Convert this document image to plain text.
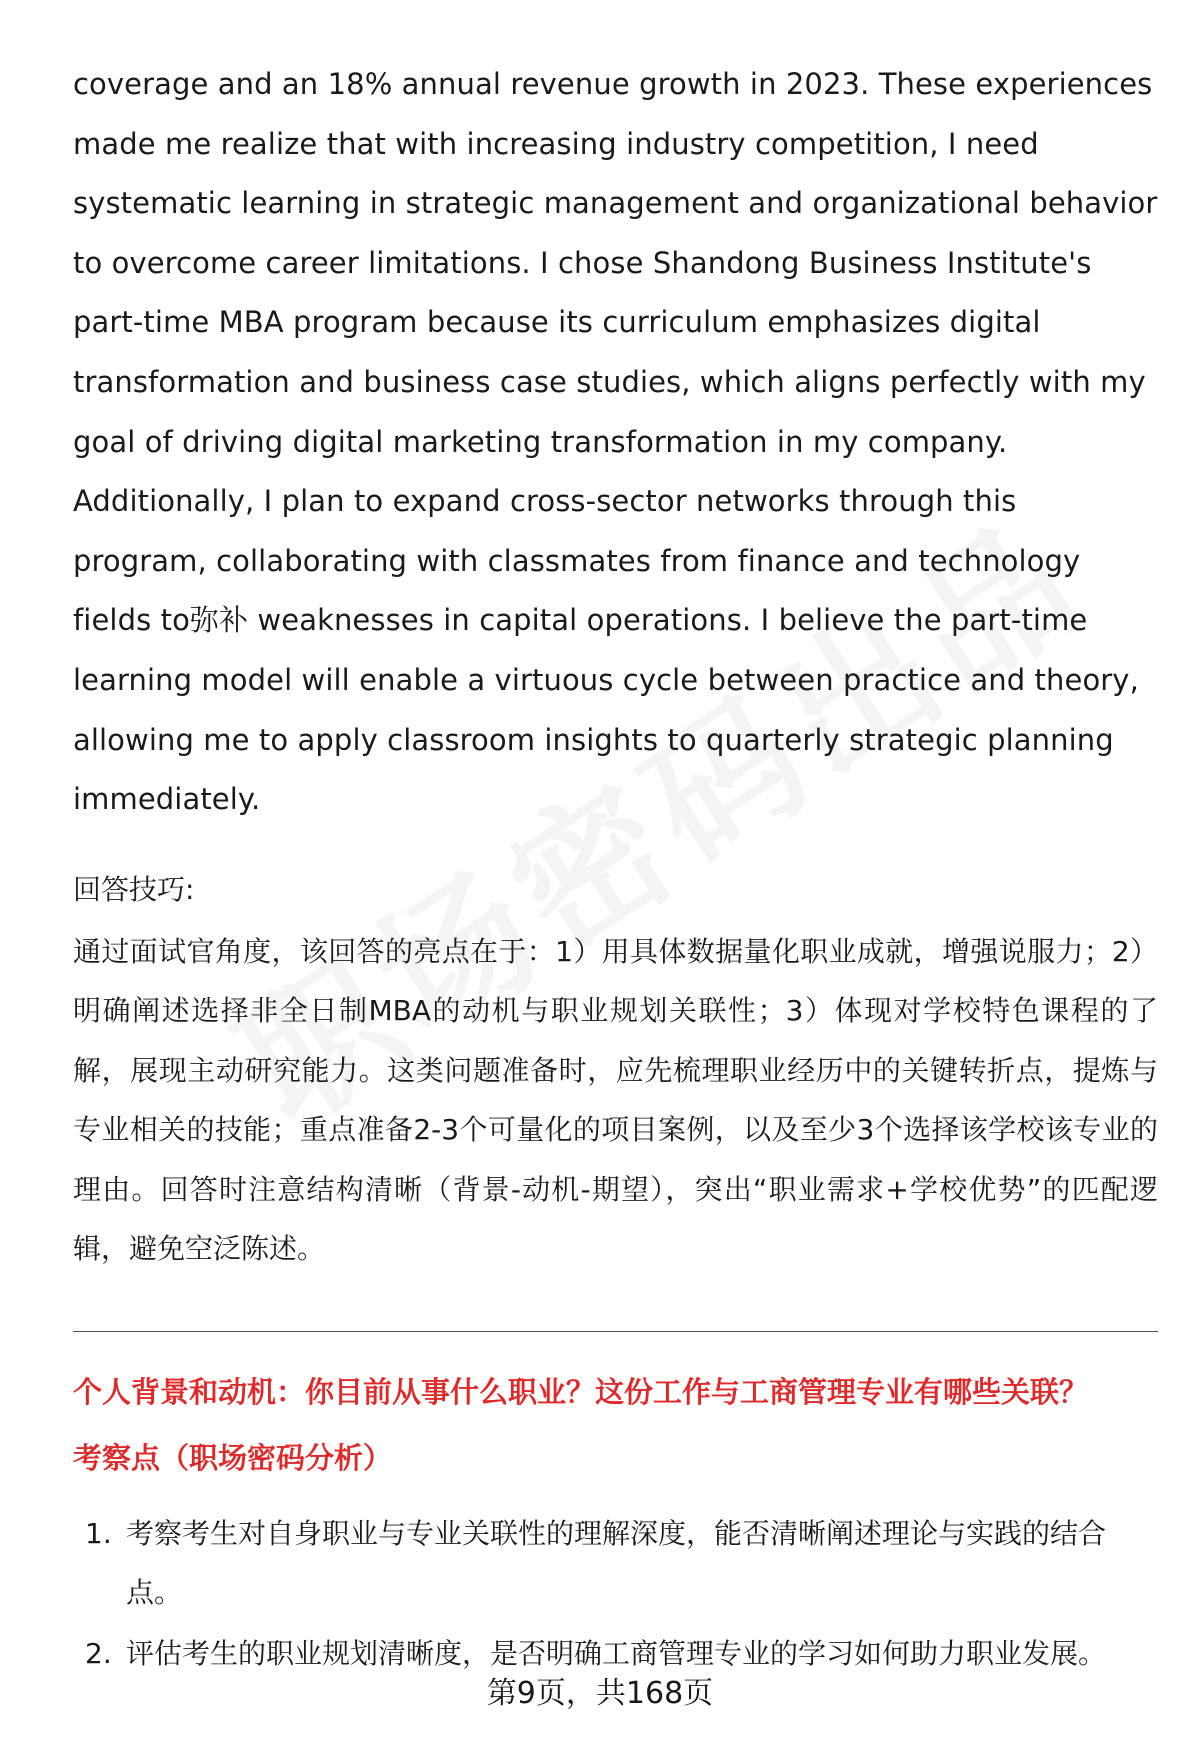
coverage and an 18% annual revenue growth in 2023. These experiences made me realize that with increasing industry competition, I need systematic learning in strategic management and organizational behavior to overcome career limitations. I chose Shandong Business Institute's part-time MBA program because its curriculum emphasizes digital transformation and business case studies, which aligns perfectly with my goal of driving digital marketing transformation in my company. Additionally, I plan to expand cross-sector networks through this program, collaborating with classmates from finance and technology fields to弥补 weaknesses in capital operations. I believe the part-time learning model will enable a virtuous cycle between practice and theory, allowing me to apply classroom insights to quarterly strategic planning immediately.

回答技巧:

通过面试官角度，该回答的亮点在于：1）用具体数据量化职业成就，增强说服力；2）明确阐述选择非全日制MBA的动机与职业规划关联性；3）体现对学校特色课程的了解，展现主动研究能力。这类问题准备时，应先梳理职业经历中的关键转折点，提炼与专业相关的技能；重点准备2-3个可量化的项目案例，以及至少3个选择该学校该专业的理由。回答时注意结构清晰（背景-动机-期望），突出“职业需求+学校优势”的匹配逻辑，避免空泛陈述。

个人背景和动机：你目前从事什么职业？这份工作与工商管理专业有哪些关联？

考察点（职场密码分析）

1. 考察考生对自身职业与专业关联性的理解深度，能否清晰阐述理论与实践的结合点。
2. 评估考生的职业规划清晰度，是否明确工商管理专业的学习如何助力职业发展。
第9页，共168页
